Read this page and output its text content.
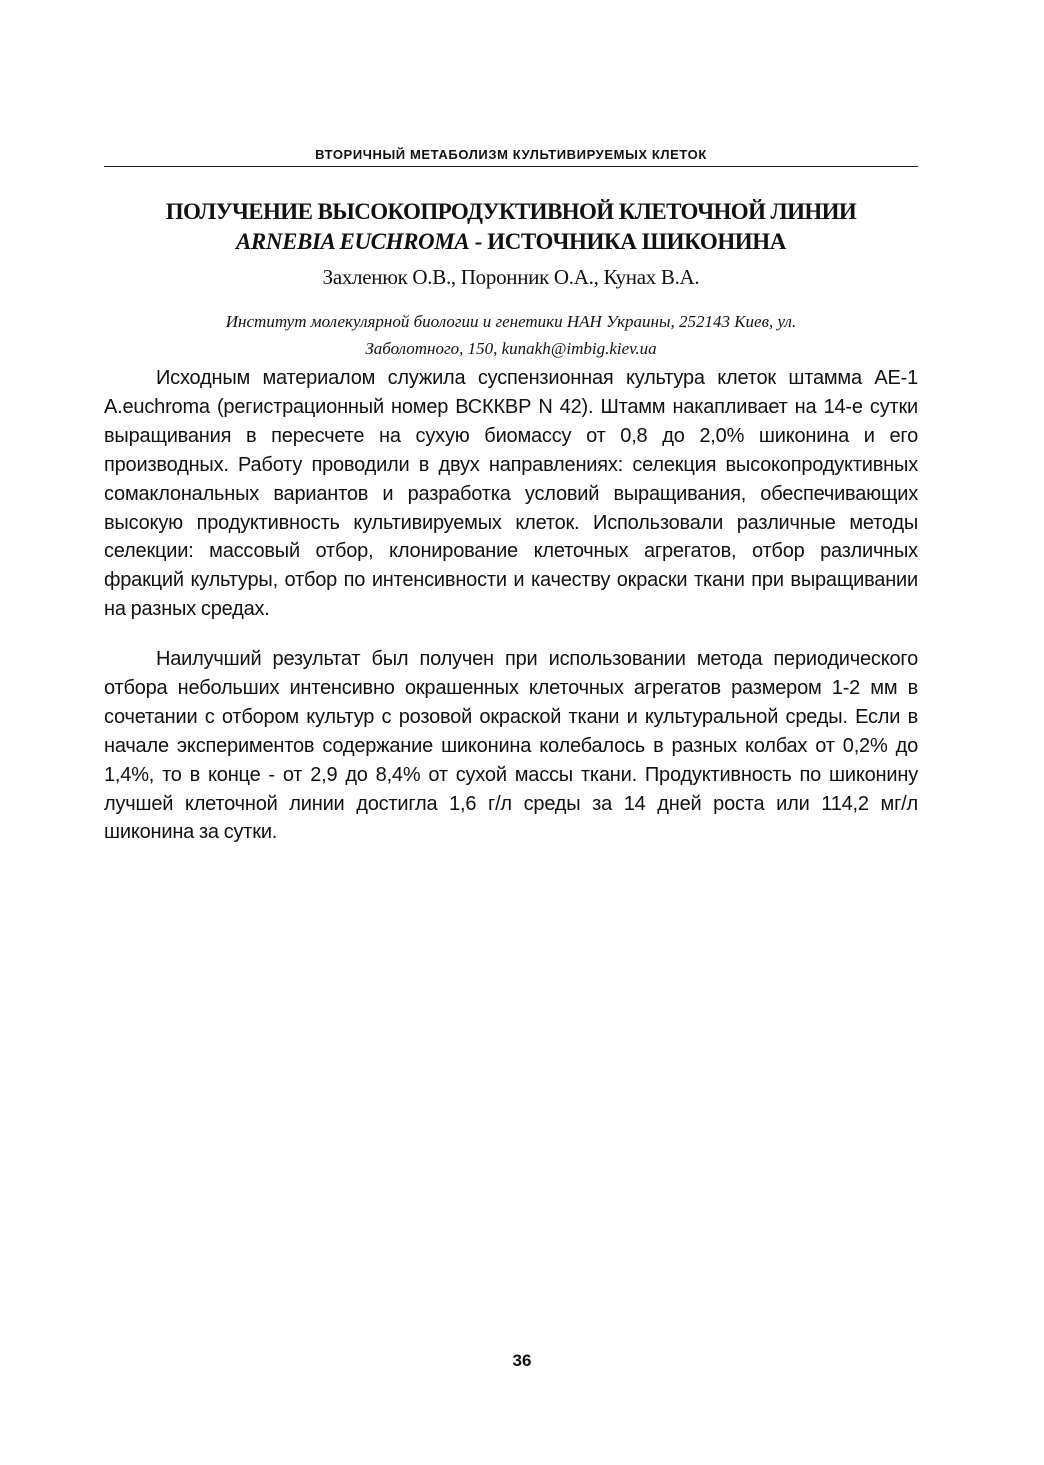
ВТОРИЧНЫЙ МЕТАБОЛИЗМ КУЛЬТИВИРУЕМЫХ КЛЕТОК
ПОЛУЧЕНИЕ ВЫСОКОПРОДУКТИВНОЙ КЛЕТОЧНОЙ ЛИНИИ
ARNEBIA EUCHROMA - ИСТОЧНИКА ШИКОНИНА
Захленюк О.В., Поронник О.А., Кунах В.А.
Институт молекулярной биологии и генетики НАН Украины, 252143 Киев, ул.
Заболотного, 150, kunakh@imbig.kiev.ua

Исходным материалом служила суспензионная культура клеток штамма AE-1 A.euchroma (регистрационный номер ВСККВР N 42). Штамм накапливает на 14-е сутки выращивания в пересчете на сухую биомассу от 0,8 до 2,0% шиконина и его производных. Работу проводили в двух направлениях: селекция высокопродуктивных сомаклональных вариантов и разработка условий выращивания, обеспечивающих высокую продуктивность культивируемых клеток. Использовали различные методы селекции: массовый отбор, клонирование клеточных агрегатов, отбор различных фракций культуры, отбор по интенсивности и качеству окраски ткани при выращивании на разных средах.

Наилучший результат был получен при использовании метода периодического отбора небольших интенсивно окрашенных клеточных агрегатов размером 1-2 мм в сочетании с отбором культур с розовой окраской ткани и культуральной среды. Если в начале экспериментов содержание шиконина колебалось в разных колбах от 0,2% до 1,4%, то в конце - от 2,9 до 8,4% от сухой массы ткани. Продуктивность по шиконину лучшей клеточной линии достигла 1,6 г/л среды за 14 дней роста или 114,2 мг/л шиконина за сутки.

36
